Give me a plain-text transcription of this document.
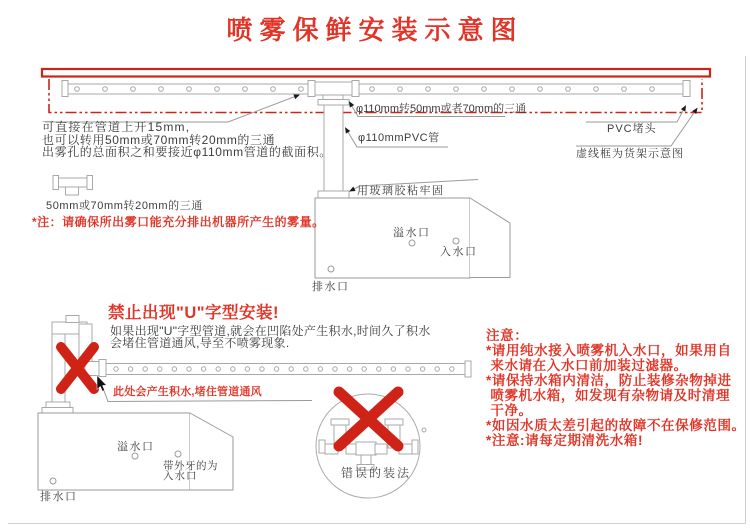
喷雾保鲜安装示意图
可直接在管道上开15mm,
也可以转用50mm或70mm转20mm的三通
出雾孔的总面积之和要接近φ110mm管道的截面积。
50mm或70mm转20mm的三通
*注：请确保所出雾口能充分排出机器所产生的雾量。
φ110mm转50mm或者70mm的三通
PVC堵头
虚线框为货架示意图
φ110mmPVC管
用玻璃胶粘牢固
溢水口
入水口
排水口
禁止出现"U"字型安装!
如果出现"U"字型管道,就会在凹陷处产生积水,时间久了积水
会堵住管道通风,导至不喷雾现象.
此处会产生积水,堵住管道通风
溢水口
带外牙的为
入水口
排水口
错误的装法
注意：
*请用纯水接入喷雾机入水口，如果用自
来水请在入水口前加装过滤器。
*请保持水箱内清洁，防止装修杂物掉进
喷雾机水箱，如发现有杂物请及时清理
干净。
*如因水质太差引起的故障不在保修范围。
*注意:请每定期清洗水箱!
